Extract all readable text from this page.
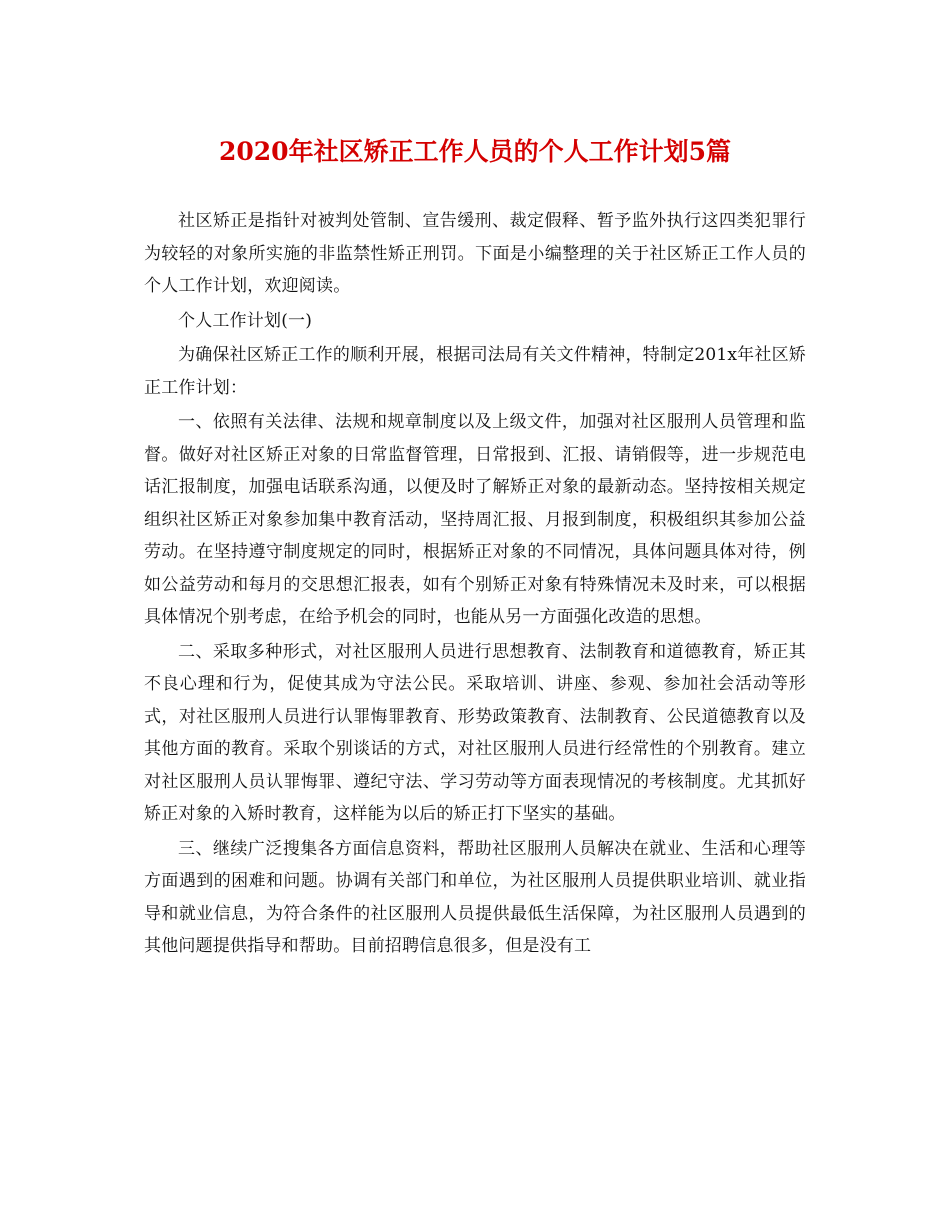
2020年社区矫正工作人员的个人工作计划5篇

社区矫正是指针对被判处管制、宣告缓刑、裁定假释、暂予监外执行这四类犯罪行为较轻的对象所实施的非监禁性矫正刑罚。下面是小编整理的关于社区矫正工作人员的个人工作计划，欢迎阅读。

个人工作计划(一)

为确保社区矫正工作的顺利开展，根据司法局有关文件精神，特制定201x年社区矫正工作计划：

一、依照有关法律、法规和规章制度以及上级文件，加强对社区服刑人员管理和监督。做好对社区矫正对象的日常监督管理，日常报到、汇报、请销假等，进一步规范电话汇报制度，加强电话联系沟通，以便及时了解矫正对象的最新动态。坚持按相关规定组织社区矫正对象参加集中教育活动，坚持周汇报、月报到制度，积极组织其参加公益劳动。在坚持遵守制度规定的同时，根据矫正对象的不同情况，具体问题具体对待，例如公益劳动和每月的交思想汇报表，如有个别矫正对象有特殊情况未及时来，可以根据具体情况个别考虑，在给予机会的同时，也能从另一方面强化改造的思想。

二、采取多种形式，对社区服刑人员进行思想教育、法制教育和道德教育，矫正其不良心理和行为，促使其成为守法公民。采取培训、讲座、参观、参加社会活动等形式，对社区服刑人员进行认罪悔罪教育、形势政策教育、法制教育、公民道德教育以及其他方面的教育。采取个别谈话的方式，对社区服刑人员进行经常性的个别教育。建立对社区服刑人员认罪悔罪、遵纪守法、学习劳动等方面表现情况的考核制度。尤其抓好矫正对象的入矫时教育，这样能为以后的矫正打下坚实的基础。

三、继续广泛搜集各方面信息资料，帮助社区服刑人员解决在就业、生活和心理等方面遇到的困难和问题。协调有关部门和单位，为社区服刑人员提供职业培训、就业指导和就业信息，为符合条件的社区服刑人员提供最低生活保障，为社区服刑人员遇到的其他问题提供指导和帮助。目前招聘信息很多，但是没有工
